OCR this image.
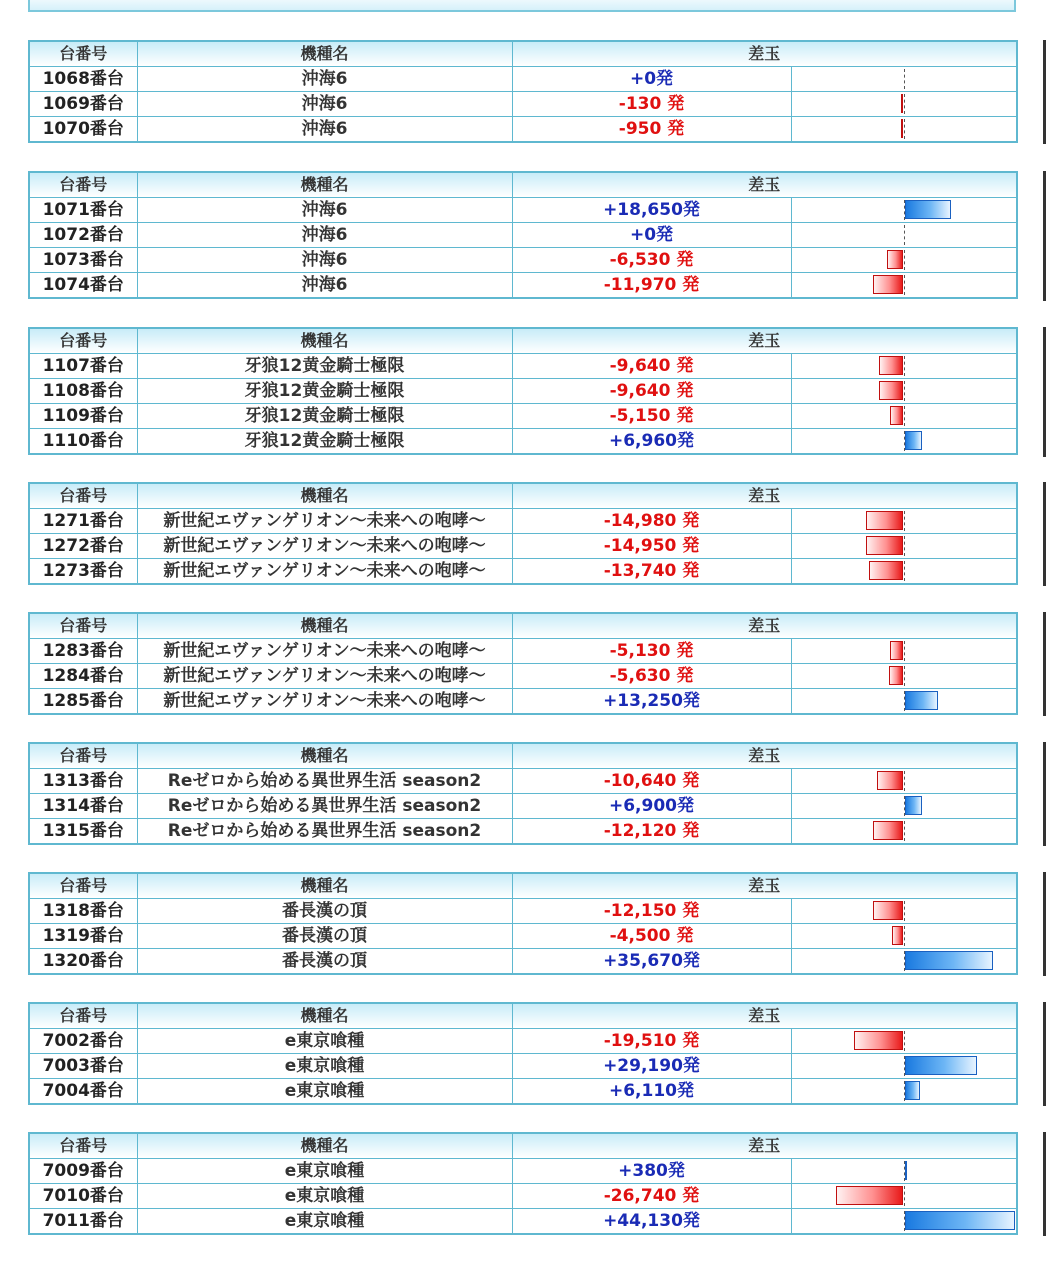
台番号	機種名	差玉	
1068番台	沖海6	+0発	

1069番台	沖海6	-130 発	

1070番台	沖海6	-950 発	
台番号	機種名	差玉	
1071番台	沖海6	+18,650発	

1072番台	沖海6	+0発	

1073番台	沖海6	-6,530 発	

1074番台	沖海6	-11,970 発	
台番号	機種名	差玉	
1107番台	牙狼12黄金騎士極限	-9,640 発	

1108番台	牙狼12黄金騎士極限	-9,640 発	

1109番台	牙狼12黄金騎士極限	-5,150 発	

1110番台	牙狼12黄金騎士極限	+6,960発	
台番号	機種名	差玉	
1271番台	新世紀エヴァンゲリオン～未来への咆哮～	-14,980 発	

1272番台	新世紀エヴァンゲリオン～未来への咆哮～	-14,950 発	

1273番台	新世紀エヴァンゲリオン～未来への咆哮～	-13,740 発	
台番号	機種名	差玉	
1283番台	新世紀エヴァンゲリオン～未来への咆哮～	-5,130 発	

1284番台	新世紀エヴァンゲリオン～未来への咆哮～	-5,630 発	

1285番台	新世紀エヴァンゲリオン～未来への咆哮～	+13,250発	
台番号	機種名	差玉	
1313番台	Reゼロから始める異世界生活 season2	-10,640 発	

1314番台	Reゼロから始める異世界生活 season2	+6,900発	

1315番台	Reゼロから始める異世界生活 season2	-12,120 発	
台番号	機種名	差玉	
1318番台	番長漢の頂	-12,150 発	

1319番台	番長漢の頂	-4,500 発	

1320番台	番長漢の頂	+35,670発	
台番号	機種名	差玉	
7002番台	e東京喰種	-19,510 発	

7003番台	e東京喰種	+29,190発	

7004番台	e東京喰種	+6,110発	
台番号	機種名	差玉	
7009番台	e東京喰種	+380発	

7010番台	e東京喰種	-26,740 発	

7011番台	e東京喰種	+44,130発	
